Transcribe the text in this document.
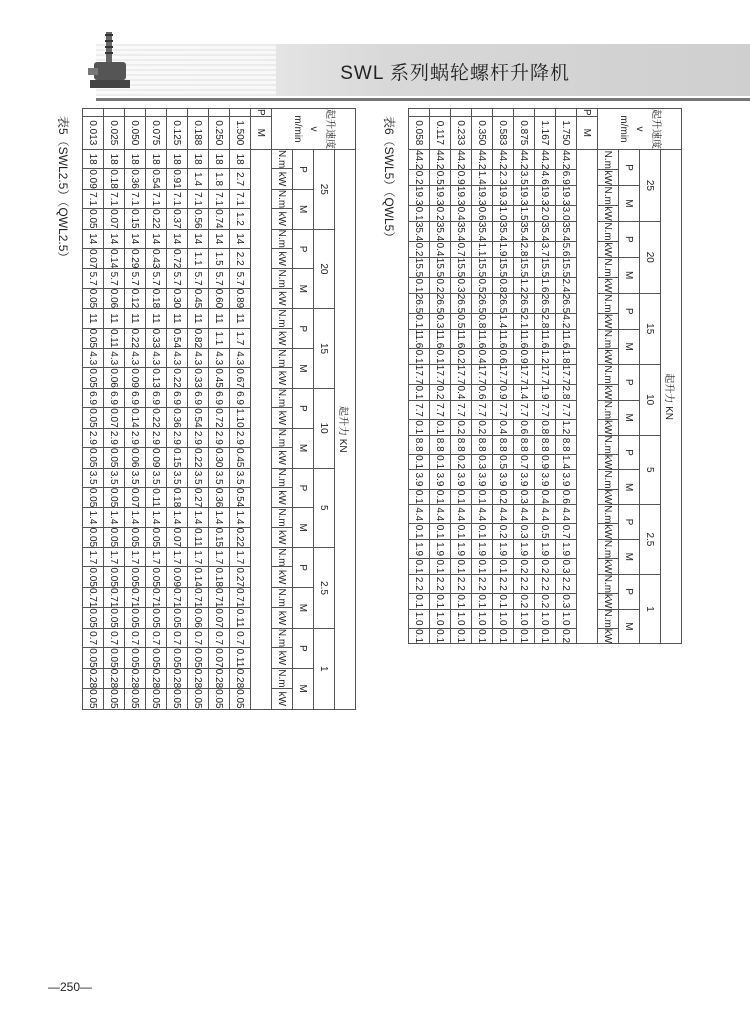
SWL 系列蜗轮螺杆升降机
表5（SWL2.5）（QWL2.5）	表6（SWL5）（QWL5）
起升速度
v
m/min		起升力 KN																											
		25				20				15				10				5				2.5				1			
		P		M		P		M		P		M		P		M		P		M		P		M		P		M	
		N.m	kW	N.m	kW	N.m	kW	N.m	kW	N.m	kW	N.m	kW	N.m	kW	N.m	kW	N.m	kW	N.m	kW	N.m	kW	N.m	kW	N.m	kW	N.m	kW
P	M																												
	1.500	18	2.7	7.1	1.2	14	2.2	5.7	0.89	11	1.7	4.3	0.67	6.9	1.10	2.9	0.45	3.5	0.54	1.4	0.22	1.7	0.27	0.71	0.11	0.7	0.11	0.28	0.05
	0.250	18	1.8	7.1	0.74	14	1.5	5.7	0.60	11	1.1	4.3	0.45	6.9	0.72	2.9	0.30	3.5	0.36	1.4	0.15	1.7	0.18	0.71	0.07	0.7	0.07	0.28	0.05
	0.188	18	1.4	7.1	0.56	14	1.1	5.7	0.45	11	0.82	4.3	0.33	6.9	0.54	2.9	0.22	3.5	0.27	1.4	0.11	1.7	0.14	0.71	0.06	0.7	0.05	0.28	0.05
	0.125	18	0.91	7.1	0.37	14	0.72	5.7	0.30	11	0.54	4.3	0.22	6.9	0.36	2.9	0.15	3.5	0.18	1.4	0.07	1.7	0.09	0.71	0.05	0.7	0.05	0.28	0.05
	0.075	18	0.54	7.1	0.22	14	0.43	5.7	0.18	11	0.33	4.3	0.13	6.9	0.22	2.9	0.09	3.5	0.11	1.4	0.05	1.7	0.05	0.71	0.05	0.7	0.05	0.28	0.05
	0.050	18	0.36	7.1	0.15	14	0.29	5.7	0.12	11	0.22	4.3	0.09	6.9	0.14	2.9	0.06	3.5	0.07	1.4	0.05	1.7	0.05	0.71	0.05	0.7	0.05	0.28	0.05
	0.025	18	0.18	7.1	0.07	14	0.14	5.7	0.06	11	0.11	4.3	0.06	6.9	0.07	2.9	0.05	3.5	0.05	1.4	0.05	1.7	0.05	0.71	0.05	0.7	0.05	0.28	0.05
	0.013	18	0.09	7.1	0.05	14	0.07	5.7	0.05	11	0.05	4.3	0.05	6.9	0.05	2.9	0.05	3.5	0.05	1.4	0.05	1.7	0.05	0.71	0.05	0.7	0.05	0.28	0.05
起升速度
v
m/min		起升力 KN																											
		25				20				15				10				5				2.5				1			
		P		M		P		M		P		M		P		M		P		M		P		M		P		M	
		N.m	kW	N.m	kW	N.m	kW	N.m	kW	N.m	kW	N.m	kW	N.m	kW	N.m	kW	N.m	kW	N.m	kW	N.m	kW	N.m	kW	N.m	kW	N.m	kW
P	M																												
	1.750	44.2	6.9	19.3	3.0	35.4	5.6	15.5	2.4	26.5	4.2	11.6	1.8	17.7	2.8	7.7	1.2	8.8	1.4	3.9	0.6	4.4	0.7	1.9	0.3	2.2	0.3	1.0	0.2
	1.167	44.2	4.6	19.3	2.0	35.4	3.7	15.5	1.6	26.5	2.8	11.6	1.2	17.7	1.9	7.7	0.8	8.8	0.9	3.9	0.4	4.4	0.5	1.9	0.2	2.2	0.2	1.0	0.1
	0.875	44.2	3.5	19.3	1.5	35.4	2.8	15.5	1.2	26.5	2.1	11.6	0.9	17.7	1.4	7.7	0.6	8.8	0.7	3.9	0.3	4.4	0.3	1.9	0.2	2.2	0.2	1.0	0.1
	0.583	44.2	2.3	19.3	1.0	35.4	1.9	15.5	0.8	26.5	1.4	11.6	0.6	17.7	0.9	7.7	0.4	8.8	0.5	3.9	0.2	4.4	0.2	1.9	0.1	2.2	0.1	1.0	0.1
	0.350	44.2	1.4	19.3	0.6	35.4	1.1	15.5	0.5	26.5	0.8	11.6	0.4	17.7	0.6	7.7	0.2	8.8	0.3	3.9	0.1	4.4	0.1	1.9	0.1	2.2	0.1	1.0	0.1
	0.233	44.2	0.9	19.3	0.4	35.4	0.7	15.5	0.3	26.5	0.5	11.6	0.2	17.7	0.4	7.7	0.2	8.8	0.2	3.9	0.1	4.4	0.1	1.9	0.1	2.2	0.1	1.0	0.1
	0.117	44.2	0.5	19.3	0.2	35.4	0.4	15.5	0.2	26.5	0.3	11.6	0.1	17.7	0.2	7.7	0.1	8.8	0.1	3.9	0.1	4.4	0.1	1.9	0.1	2.2	0.1	1.0	0.1
	0.058	44.2	0.2	19.3	0.1	35.4	0.2	15.5	0.1	26.5	0.1	11.6	0.1	17.7	0.1	7.7	0.1	8.8	0.1	3.9	0.1	4.4	0.1	1.9	0.1	2.2	0.1	1.0	0.1
—250—
